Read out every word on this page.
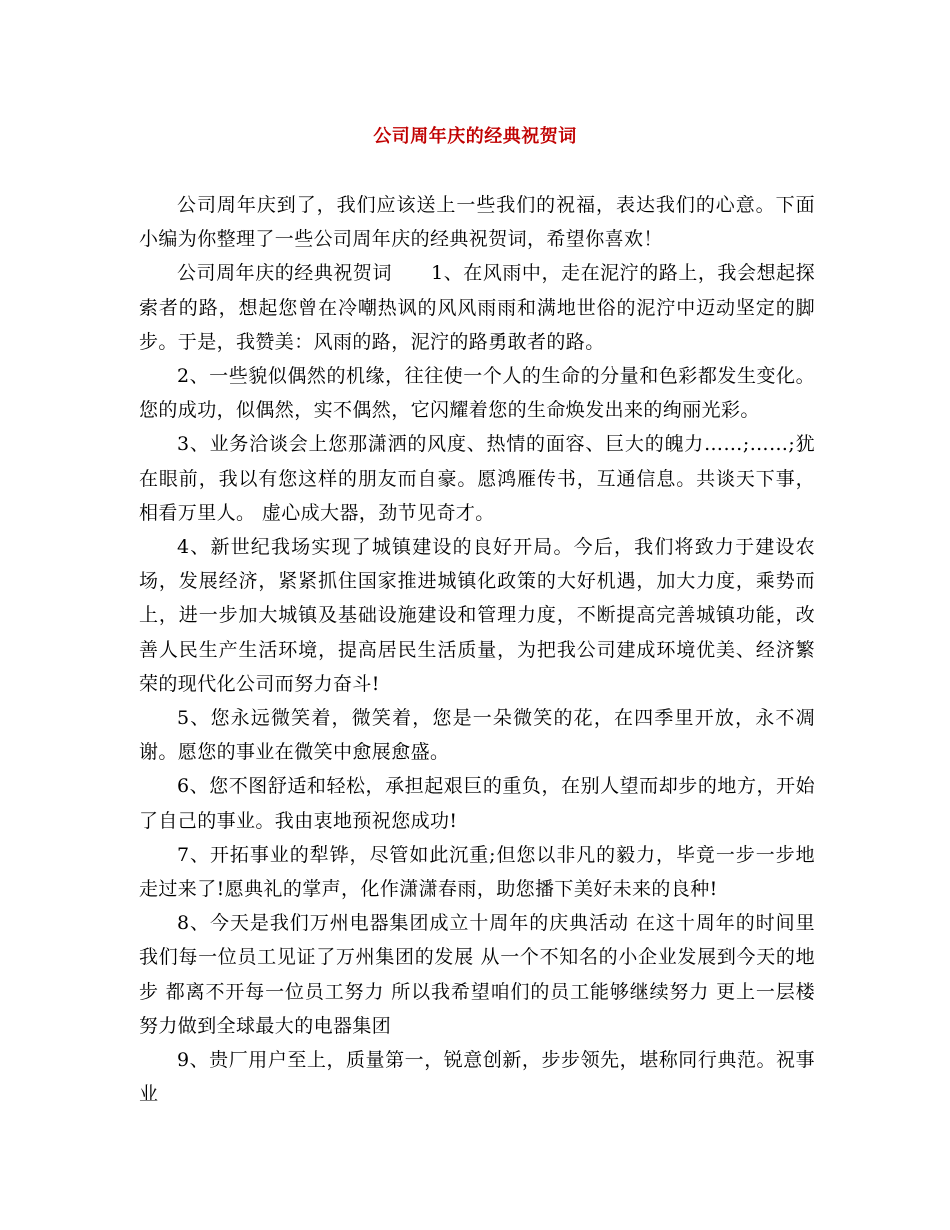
公司周年庆的经典祝贺词

公司周年庆到了，我们应该送上一些我们的祝福，表达我们的心意。下面小编为你整理了一些公司周年庆的经典祝贺词，希望你喜欢！

公司周年庆的经典祝贺词　　1、在风雨中，走在泥泞的路上，我会想起探索者的路，想起您曾在冷嘲热讽的风风雨雨和满地世俗的泥泞中迈动坚定的脚步。于是，我赞美：风雨的路，泥泞的路勇敢者的路。

2、一些貌似偶然的机缘，往往使一个人的生命的分量和色彩都发生变化。您的成功，似偶然，实不偶然，它闪耀着您的生命焕发出来的绚丽光彩。

3、业务洽谈会上您那潇洒的风度、热情的面容、巨大的魄力……;……;犹在眼前，我以有您这样的朋友而自豪。愿鸿雁传书，互通信息。共谈天下事，相看万里人。 虚心成大器，劲节见奇才。

4、新世纪我场实现了城镇建设的良好开局。今后，我们将致力于建设农场，发展经济，紧紧抓住国家推进城镇化政策的大好机遇，加大力度，乘势而上，进一步加大城镇及基础设施建设和管理力度，不断提高完善城镇功能，改善人民生产生活环境，提高居民生活质量，为把我公司建成环境优美、经济繁荣的现代化公司而努力奋斗!

5、您永远微笑着，微笑着，您是一朵微笑的花，在四季里开放，永不凋谢。愿您的事业在微笑中愈展愈盛。

6、您不图舒适和轻松，承担起艰巨的重负，在别人望而却步的地方，开始了自己的事业。我由衷地预祝您成功!

7、开拓事业的犁铧，尽管如此沉重;但您以非凡的毅力，毕竟一步一步地走过来了!愿典礼的掌声，化作潇潇春雨，助您播下美好未来的良种!

8、今天是我们万州电器集团成立十周年的庆典活动 在这十周年的时间里 我们每一位员工见证了万州集团的发展 从一个不知名的小企业发展到今天的地步 都离不开每一位员工努力 所以我希望咱们的员工能够继续努力 更上一层楼 努力做到全球最大的电器集团

9、贵厂用户至上，质量第一，锐意创新，步步领先，堪称同行典范。祝事业
